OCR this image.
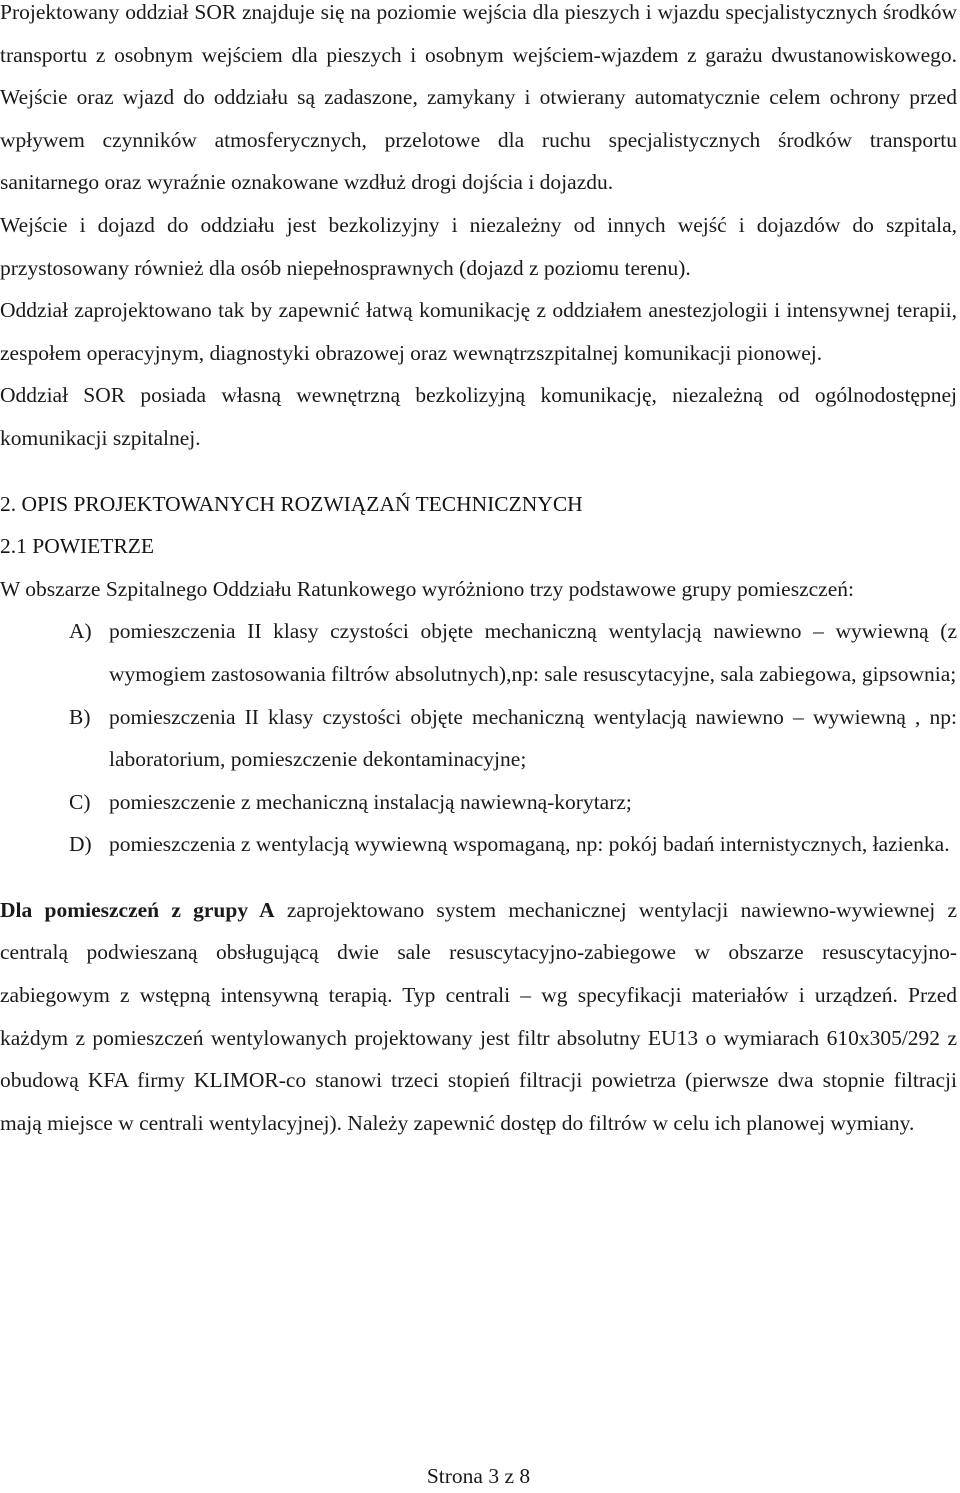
Projektowany oddział SOR znajduje się na poziomie wejścia dla pieszych i wjazdu specjalistycznych środków transportu z osobnym wejściem dla pieszych i osobnym wejściem-wjazdem z garażu dwustanowiskowego. Wejście oraz wjazd do oddziału są zadaszone, zamykany i otwierany automatycznie celem ochrony przed wpływem czynników atmosferycznych, przelotowe dla ruchu specjalistycznych środków transportu sanitarnego oraz wyraźnie oznakowane wzdłuż drogi dojścia i dojazdu.

Wejście i dojazd do oddziału jest bezkolizyjny i niezależny od innych wejść i dojazdów do szpitala, przystosowany również dla osób niepełnosprawnych (dojazd z poziomu terenu).

Oddział zaprojektowano tak by zapewnić łatwą komunikację z oddziałem anestezjologii i intensywnej terapii, zespołem operacyjnym, diagnostyki obrazowej oraz wewnątrzszpitalnej komunikacji pionowej.

Oddział SOR posiada własną wewnętrzną bezkolizyjną komunikację, niezależną od ogólnodostępnej komunikacji szpitalnej.

2. OPIS PROJEKTOWANYCH ROZWIĄZAŃ TECHNICZNYCH

2.1 POWIETRZE

W obszarze Szpitalnego Oddziału Ratunkowego wyróżniono trzy podstawowe grupy pomieszczeń:

A) pomieszczenia II klasy czystości objęte mechaniczną wentylacją nawiewno – wywiewną (z wymogiem zastosowania filtrów absolutnych),np: sale resuscytacyjne, sala zabiegowa, gipsownia;
B) pomieszczenia II klasy czystości objęte mechaniczną wentylacją nawiewno – wywiewną , np: laboratorium, pomieszczenie dekontaminacyjne;
C) pomieszczenie z mechaniczną instalacją nawiewną-korytarz;
D) pomieszczenia z wentylacją wywiewną wspomaganą, np: pokój badań internistycznych, łazienka.

Dla pomieszczeń z grupy A zaprojektowano system mechanicznej wentylacji nawiewno-wywiewnej z centralą podwieszaną obsługującą dwie sale resuscytacyjno-zabiegowe w obszarze resuscytacyjno-zabiegowym z wstępną intensywną terapią. Typ centrali – wg specyfikacji materiałów i urządzeń. Przed każdym z pomieszczeń wentylowanych projektowany jest filtr absolutny EU13 o wymiarach 610x305/292 z obudową KFA firmy KLIMOR-co stanowi trzeci stopień filtracji powietrza (pierwsze dwa stopnie filtracji mają miejsce w centrali wentylacyjnej). Należy zapewnić dostęp do filtrów w celu ich planowej wymiany.

Strona 3 z 8
